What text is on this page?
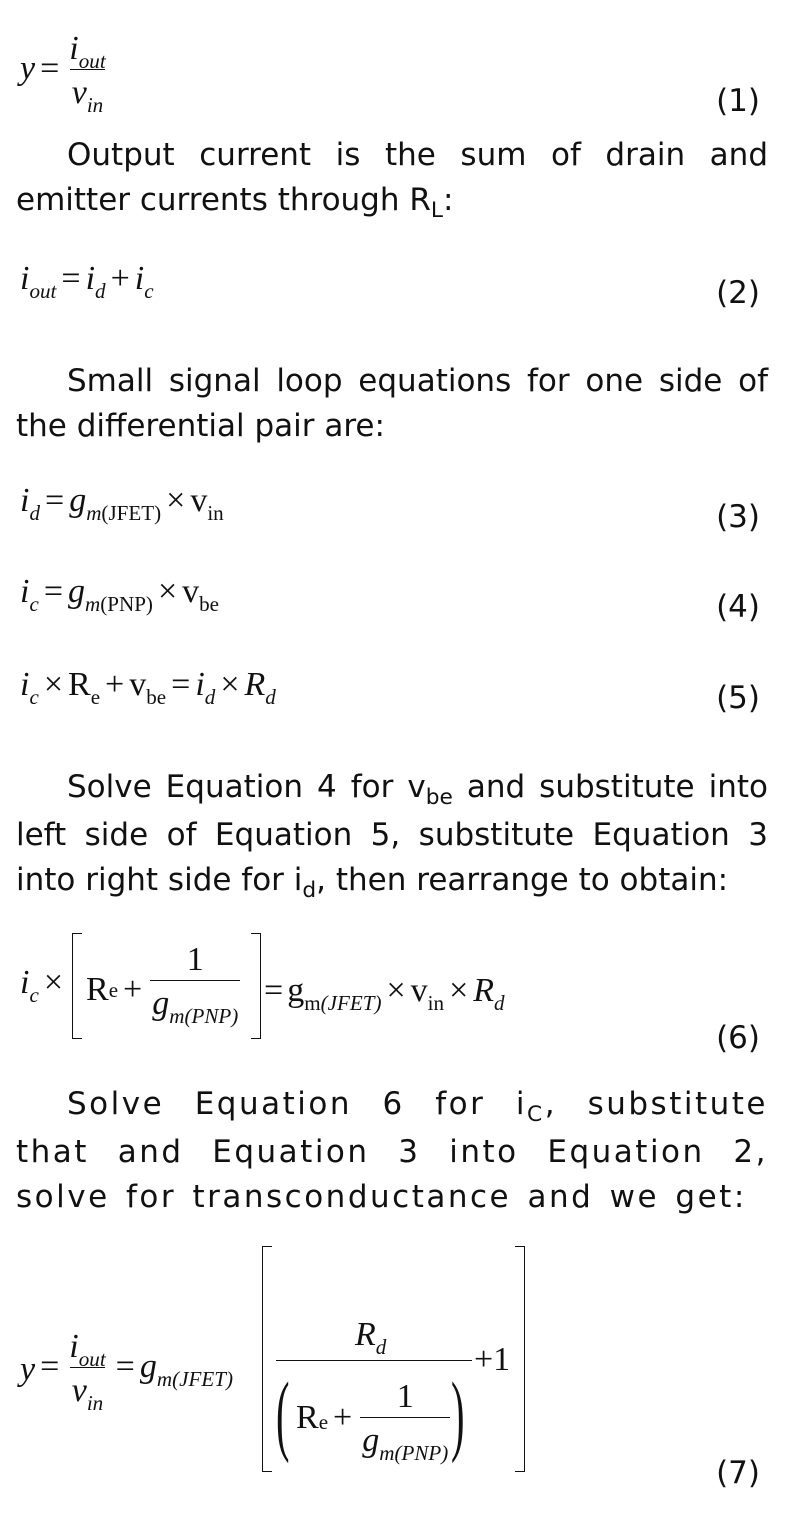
$y = \frac{i_{out}}{v_{in}}$	(1)
Output current is the sum of drain and emitter currents through $R_L$:
$i_{out} = i_d + i_c$	(2)
Small signal loop equations for one side of the differential pair are:
$i_d = g_{m(JFET)} \times v_{in}$	(3)
$i_c = g_{m(PNP)} \times v_{be}$	(4)
$i_c \times R_e + v_{be} = i_d \times R_d$	(5)
Solve Equation 4 for $v_{be}$ and substitute into left side of Equation 5, substitute Equation 3 into right side for $i_d$, then rearrange to obtain:
$i_c \times R_e + \frac{1}{g_{m(PNP)}} = g_{m(JFET)} \times v_{in} \times R_d$
(6)
Solve Equation 6 for $i_C$, substitute that and Equation 3 into Equation 2, solve for transconductance and we get:
$y = \frac{i_{out}}{v_{in}} = g_{m(JFET)}$
$R_d$	+1
( $R_e + \frac{1}{g_{m(PNP)}}$ )
(7)
